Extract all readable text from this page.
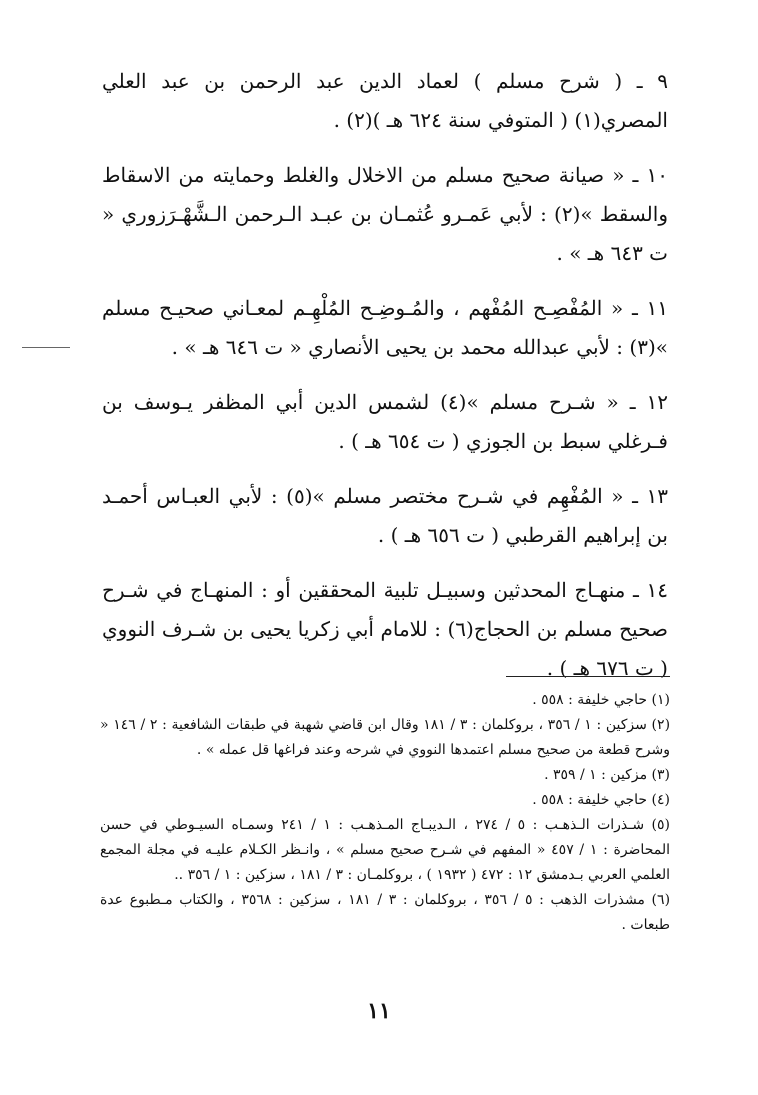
٩ ـ ( شرح مسلم ) لعماد الدين عبد الرحمن بن عبد العلي المصري(١) ( المتوفي سنة ٦٢٤ هـ )(٢) .

١٠ ـ « صيانة صحيح مسلم من الاخلال والغلط وحمايته من الاسقاط والسقط »(٢) : لأبي عَمـرو عُثمـان بن عبـد الـرحمن الـشَّهْـرَزوري « ت ٦٤٣ هـ » .

١١ ـ « المُفْصِـح المُفْهم ، والمُـوضِـح المُلْهِـم لمعـاني صحيـح مسلم »(٣) : لأبي عبدالله محمد بن يحيى الأنصاري « ت ٦٤٦ هـ » .

١٢ ـ « شـرح مسلم »(٤) لشمس الدين أبي المظفر يـوسف بن فـرغلي سبط بن الجوزي ( ت ٦٥٤ هـ ) .

١٣ ـ « المُفْهِم في شـرح مختصر مسلم »(٥) : لأبي العبـاس أحمـد بن إبراهيم القرطبي ( ت ٦٥٦ هـ ) .

١٤ ـ منهـاج المحدثين وسبيـل تلبية المحققين أو : المنهـاج في شـرح صحيح مسلم بن الحجاج(٦) : للامام أبي زكريا يحيى بن شـرف النووي ( ت ٦٧٦ هـ ) .

(١) حاجي خليفة : ٥٥٨ .

(٢) سزكين : ١ / ٣٥٦ ، بروكلمان : ٣ / ١٨١ وقال ابن قاضي شهبة في طبقات الشافعية : ٢ / ١٤٦ « وشرح قطعة من صحيح مسلم اعتمدها النووي في شرحه وعند فراغها قل عمله » .

(٣) مزكين : ١ / ٣٥٩ .

(٤) حاجي خليفة : ٥٥٨ .

(٥) شـذرات الـذهـب : ٥ / ٢٧٤ ، الـديبـاج المـذهـب : ١ / ٢٤١ وسمـاه السيـوطي في حسن المحاضرة : ١ / ٤٥٧ « المفهم في شـرح صحيح مسلم » ، وانـظر الكـلام عليـه في مجلة المجمع العلمي العربي بـدمشق ١٢ : ٤٧٢ ( ١٩٣٢ ) ، بروكلمـان : ٣ / ١٨١ ، سزكين : ١ / ٣٥٦ ..

(٦) مشذرات الذهب : ٥ / ٣٥٦ ، بروكلمان : ٣ / ١٨١ ، سزكين : ٣٥٦٨ ، والكتاب مـطبوع عدة طبعات .

١١
